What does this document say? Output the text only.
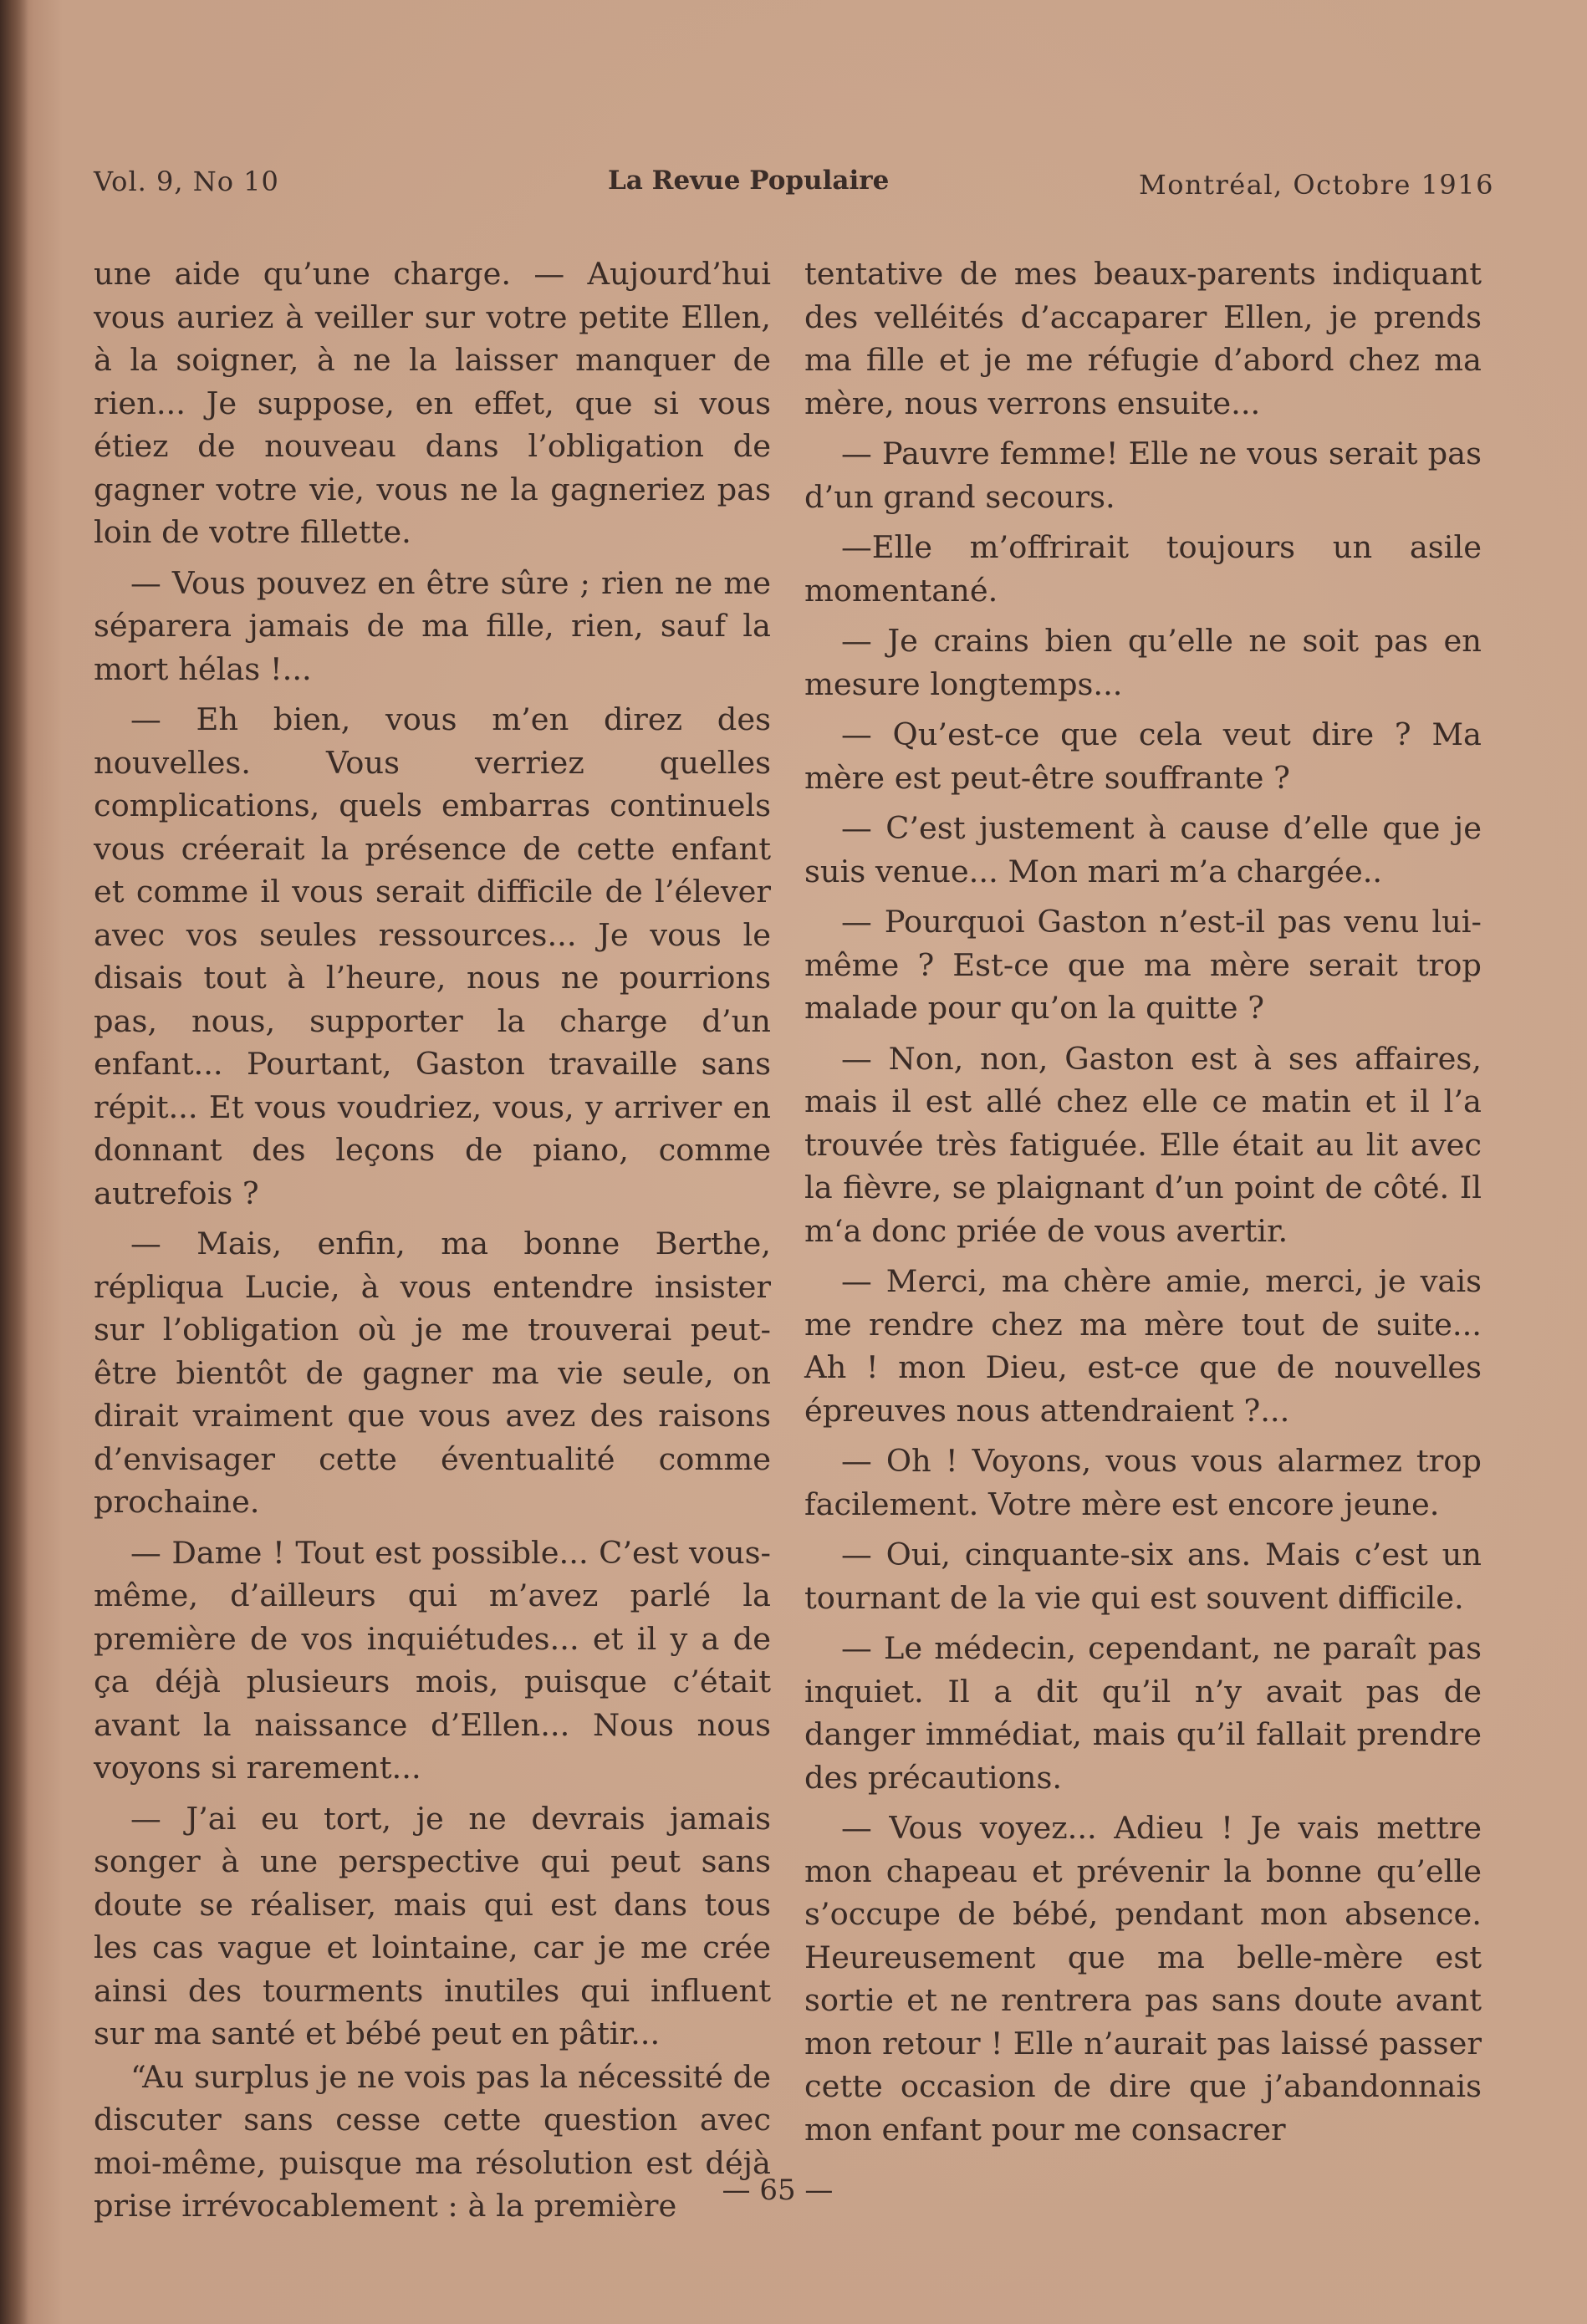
Vol. 9, No 10	La Revue Populaire	Montréal, Octobre 1916

une aide qu’une charge. — Aujourd’hui vous auriez à veiller sur votre petite Ellen, à la soigner, à ne la laisser manquer de rien... Je suppose, en effet, que si vous étiez de nouveau dans l’obligation de gagner votre vie, vous ne la gagneriez pas loin de votre fillette.

— Vous pouvez en être sûre ; rien ne me séparera jamais de ma fille, rien, sauf la mort hélas !...

— Eh bien, vous m’en direz des nouvelles. Vous verriez quelles complications, quels embarras continuels vous créerait la présence de cette enfant et comme il vous serait difficile de l’élever avec vos seules ressources... Je vous le disais tout à l’heure, nous ne pourrions pas, nous, supporter la charge d’un enfant... Pourtant, Gaston travaille sans répit... Et vous voudriez, vous, y arriver en donnant des leçons de piano, comme autrefois ?

— Mais, enfin, ma bonne Berthe, répliqua Lucie, à vous entendre insister sur l’obligation où je me trouverai peut-être bientôt de gagner ma vie seule, on dirait vraiment que vous avez des raisons d’envisager cette éventualité comme prochaine.

— Dame ! Tout est possible... C’est vous-même, d’ailleurs qui m’avez parlé la première de vos inquiétudes... et il y a de ça déjà plusieurs mois, puisque c’était avant la naissance d’Ellen... Nous nous voyons si rarement...

— J’ai eu tort, je ne devrais jamais songer à une perspective qui peut sans doute se réaliser, mais qui est dans tous les cas vague et lointaine, car je me crée ainsi des tourments inutiles qui influent sur ma santé et bébé peut en pâtir...

“Au surplus je ne vois pas la nécessité de discuter sans cesse cette question avec moi-même, puisque ma résolution est déjà prise irrévocablement : à la première

tentative de mes beaux-parents indiquant des velléités d’accaparer Ellen, je prends ma fille et je me réfugie d’abord chez ma mère, nous verrons ensuite...

— Pauvre femme! Elle ne vous serait pas d’un grand secours.

—Elle m’offrirait toujours un asile momentané.

— Je crains bien qu’elle ne soit pas en mesure longtemps...

— Qu’est-ce que cela veut dire ? Ma mère est peut-être souffrante ?

— C’est justement à cause d’elle que je suis venue... Mon mari m’a chargée..

— Pourquoi Gaston n’est-il pas venu lui-même ? Est-ce que ma mère serait trop malade pour qu’on la quitte ?

— Non, non, Gaston est à ses affaires, mais il est allé chez elle ce matin et il l’a trouvée très fatiguée. Elle était au lit avec la fièvre, se plaignant d’un point de côté. Il m‘a donc priée de vous avertir.

— Merci, ma chère amie, merci, je vais me rendre chez ma mère tout de suite... Ah ! mon Dieu, est-ce que de nouvelles épreuves nous attendraient ?...

— Oh ! Voyons, vous vous alarmez trop facilement. Votre mère est encore jeune.

— Oui, cinquante-six ans. Mais c’est un tournant de la vie qui est souvent difficile.

— Le médecin, cependant, ne paraît pas inquiet. Il a dit qu’il n’y avait pas de danger immédiat, mais qu’il fallait prendre des précautions.

— Vous voyez... Adieu ! Je vais mettre mon chapeau et prévenir la bonne qu’elle s’occupe de bébé, pendant mon absence. Heureusement que ma belle-mère est sortie et ne rentrera pas sans doute avant mon retour ! Elle n’aurait pas laissé passer cette occasion de dire que j’abandonnais mon enfant pour me consacrer

— 65 —
